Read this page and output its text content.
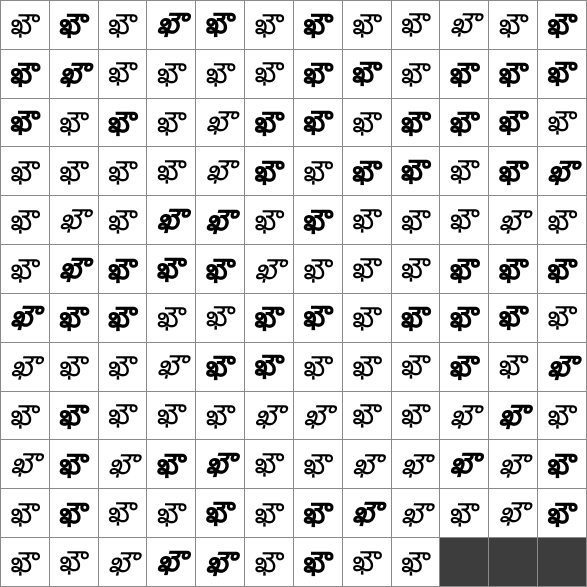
ఖౌ ఖౌ ఖౌ ఖౌ ఖౌ ఖౌ ఖౌ ఖౌ ఖౌ ఖౌ ఖౌ ఖౌ
ఖౌ ఖౌ ఖౌ ఖౌ ఖౌ ఖౌ ఖౌ ఖౌ ఖౌ ఖౌ ఖౌ ఖౌ
ఖౌ ఖౌ ఖౌ ఖౌ ఖౌ ఖౌ ఖౌ ఖౌ ఖౌ ఖౌ ఖౌ ఖౌ
ఖౌ ఖౌ ఖౌ ఖౌ ఖౌ ఖౌ ఖౌ ఖౌ ఖౌ ఖౌ ఖౌ ఖౌ
ఖౌ ఖౌ ఖౌ ఖౌ ఖౌ ఖౌ ఖౌ ఖౌ ఖౌ ఖౌ ఖౌ ఖౌ
ఖౌ ఖౌ ఖౌ ఖౌ ఖౌ ఖౌ ఖౌ ఖౌ ఖౌ ఖౌ ఖౌ ఖౌ
ఖౌ ఖౌ ఖౌ ఖౌ ఖౌ ఖౌ ఖౌ ఖౌ ఖౌ ఖౌ ఖౌ ఖౌ
ఖౌ ఖౌ ఖౌ ఖౌ ఖౌ ఖౌ ఖౌ ఖౌ ఖౌ ఖౌ ఖౌ ఖౌ
ఖౌ ఖౌ ఖౌ ఖౌ ఖౌ ఖౌ ఖౌ ఖౌ ఖౌ ఖౌ ఖౌ ఖౌ
ఖౌ ఖౌ ఖౌ ఖౌ ఖౌ ఖౌ ఖౌ ఖౌ ఖౌ ఖౌ ఖౌ ఖౌ
ఖౌ ఖౌ ఖౌ ఖౌ ఖౌ ఖౌ ఖౌ ఖౌ ఖౌ ఖౌ ఖౌ ఖౌ
ఖౌ ఖౌ ఖౌ ఖౌ ఖౌ ఖౌ ఖౌ ఖౌ ఖౌ
